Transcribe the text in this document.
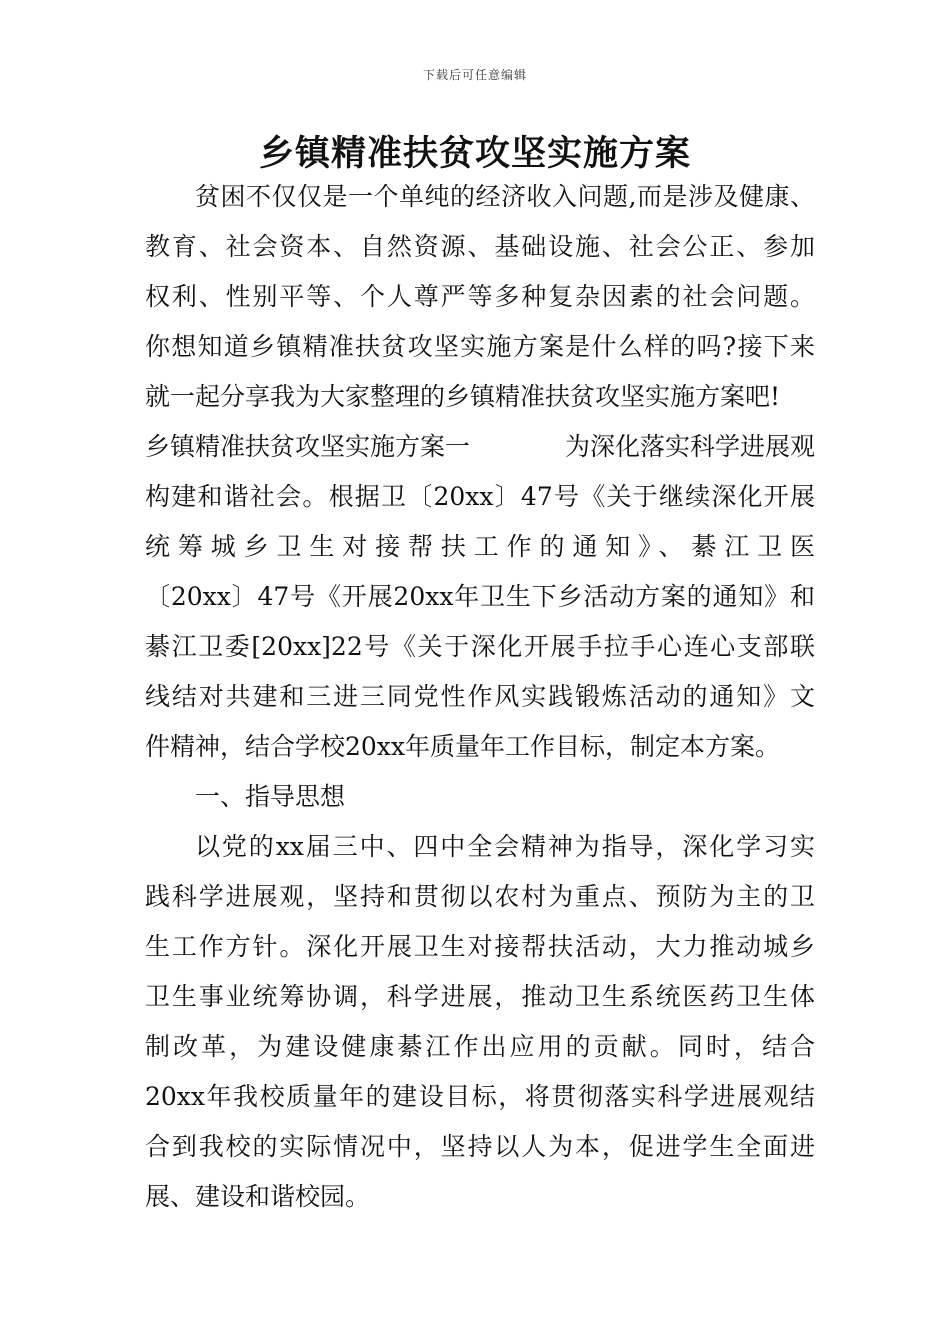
下载后可任意编辑
乡镇精准扶贫攻坚实施方案
贫困不仅仅是一个单纯的经济收入问题,而是涉及健康、
教育、社会资本、自然资源、基础设施、社会公正、参加
权利、性别平等、个人尊严等多种复杂因素的社会问题。
你想知道乡镇精准扶贫攻坚实施方案是什么样的吗?接下来
就一起分享我为大家整理的乡镇精准扶贫攻坚实施方案吧!
乡镇精准扶贫攻坚实施方案一	为深化落实科学进展观
构建和谐社会。根据卫〔20xx〕47号《关于继续深化开展
统筹城乡卫生对接帮扶工作的通知》、綦江卫医
〔20xx〕47号《开展20xx年卫生下乡活动方案的通知》和
綦江卫委[20xx]22号《关于深化开展手拉手心连心支部联
线结对共建和三进三同党性作风实践锻炼活动的通知》文
件精神，结合学校20xx年质量年工作目标，制定本方案。
一、指导思想
以党的xx届三中、四中全会精神为指导，深化学习实
践科学进展观，坚持和贯彻以农村为重点、预防为主的卫
生工作方针。深化开展卫生对接帮扶活动，大力推动城乡
卫生事业统筹协调，科学进展，推动卫生系统医药卫生体
制改革，为建设健康綦江作出应用的贡献。同时，结合
20xx年我校质量年的建设目标，将贯彻落实科学进展观结
合到我校的实际情况中，坚持以人为本，促进学生全面进
展、建设和谐校园。
